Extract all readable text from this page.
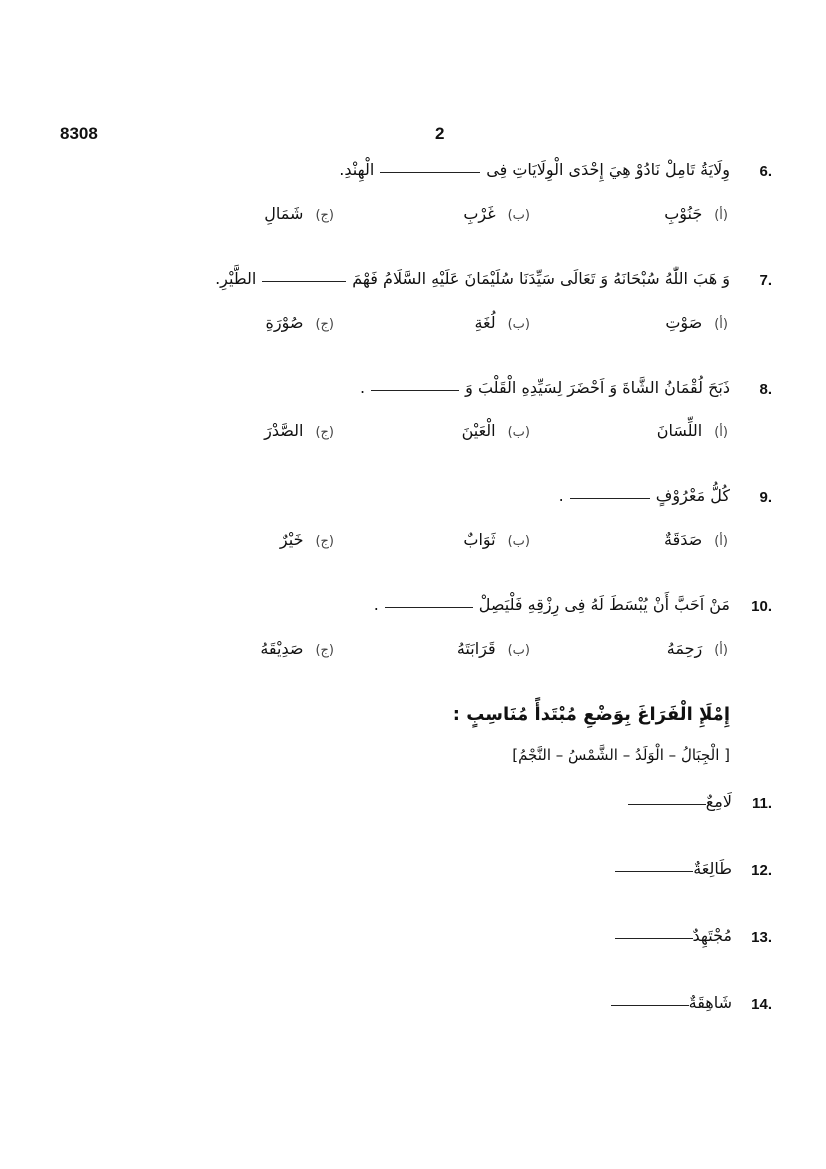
8308	2
6.
وِلَايَةُ تَامِلْ نَادُوْ هِيَ إِحْدَى الْوِلَايَاتِ فِىالْهِنْدِ.
(أ)جَنُوْبِ
(ب)غَرْبِ
(ج)شَمَالِ
7.
وَ هَبَ اللّٰهُ سُبْحَانَهُ وَ تَعَالَى سَيِّدَنَا سُلَيْمَانَ عَلَيْهِ السَّلَامُ فَهْمَالطَّيْرِ.
(أ)صَوْتِ
(ب)لُغَةِ
(ج)صُوْرَةِ
8.
ذَبَحَ لُقْمَانُ الشَّاةَ وَ اَحْضَرَ لِسَيِّدِهِ الْقَلْبَ وَ.
(أ)اللِّسَانَ
(ب)الْعَيْنَ
(ج)الصَّدْرَ
9.
كُلُّ مَعْرُوْفٍ.
(أ)صَدَقَةٌ
(ب)ثَوَابٌ
(ج)خَيْرٌ
10.
مَنْ اَحَبَّ أَنْ يُبْسَطَ لَهُ فِى رِزْقِهِ فَلْيَصِلْ.
(أ)رَحِمَهُ
(ب)قَرَابَتَهُ
(ج)صَدِيْقَهُ
إِمْلَإِ الْفَرَاغَ بِوَضْعِ مُبْتَدأً مُنَاسِبٍ :
[ الْجِبَالُ – الْوَلَدُ – الشَّمْسُ – النَّجْمُ]
11.
لَامِعٌ
12.
طَالِعَةٌ
13.
مُجْتَهِدٌ
14.
شَاهِقَةٌ
